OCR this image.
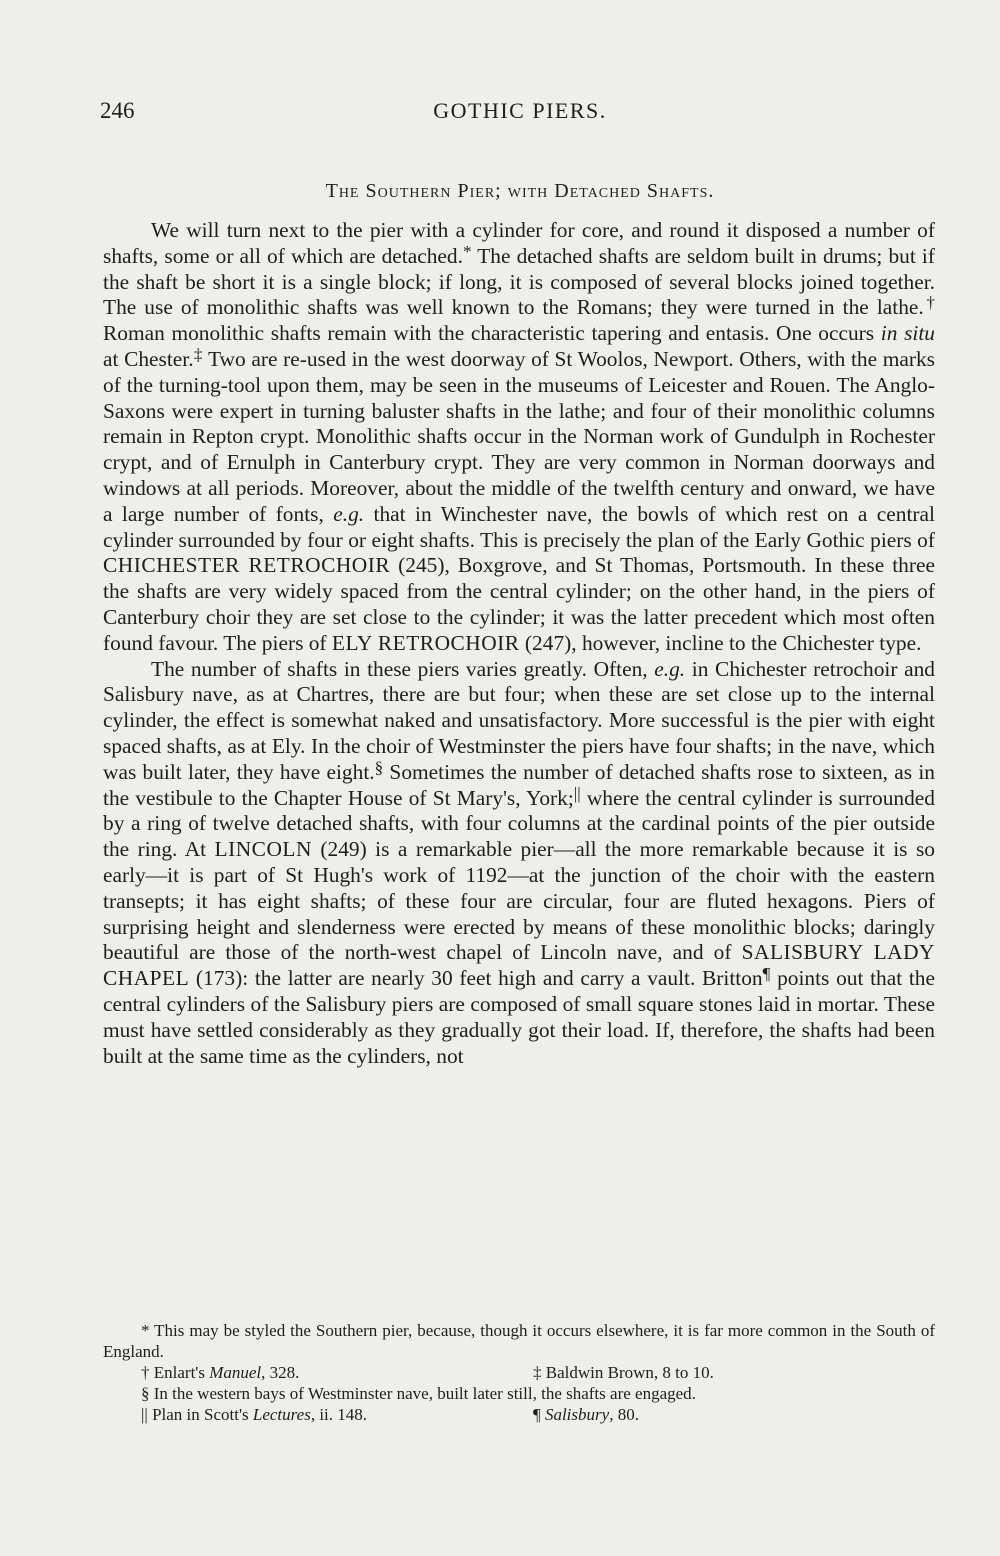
246	GOTHIC PIERS.
The Southern Pier; with Detached Shafts.

We will turn next to the pier with a cylinder for core, and round it disposed a number of shafts, some or all of which are detached.* The detached shafts are seldom built in drums; but if the shaft be short it is a single block; if long, it is composed of several blocks joined together. The use of monolithic shafts was well known to the Romans; they were turned in the lathe.† Roman monolithic shafts remain with the characteristic tapering and entasis. One occurs in situ at Chester.‡ Two are re-used in the west doorway of St Woolos, Newport. Others, with the marks of the turning-tool upon them, may be seen in the museums of Leicester and Rouen. The Anglo-Saxons were expert in turning baluster shafts in the lathe; and four of their monolithic columns remain in Repton crypt. Monolithic shafts occur in the Norman work of Gundulph in Rochester crypt, and of Ernulph in Canterbury crypt. They are very common in Norman doorways and windows at all periods. Moreover, about the middle of the twelfth century and onward, we have a large number of fonts, e.g. that in Winchester nave, the bowls of which rest on a central cylinder surrounded by four or eight shafts. This is precisely the plan of the Early Gothic piers of CHICHESTER RETROCHOIR (245), Boxgrove, and St Thomas, Portsmouth. In these three the shafts are very widely spaced from the central cylinder; on the other hand, in the piers of Canterbury choir they are set close to the cylinder; it was the latter precedent which most often found favour. The piers of ELY RETROCHOIR (247), however, incline to the Chichester type.

The number of shafts in these piers varies greatly. Often, e.g. in Chichester retrochoir and Salisbury nave, as at Chartres, there are but four; when these are set close up to the internal cylinder, the effect is somewhat naked and unsatisfactory. More successful is the pier with eight spaced shafts, as at Ely. In the choir of Westminster the piers have four shafts; in the nave, which was built later, they have eight.§ Sometimes the number of detached shafts rose to sixteen, as in the vestibule to the Chapter House of St Mary's, York;|| where the central cylinder is surrounded by a ring of twelve detached shafts, with four columns at the cardinal points of the pier outside the ring. At LINCOLN (249) is a remarkable pier—all the more remarkable because it is so early—it is part of St Hugh's work of 1192—at the junction of the choir with the eastern transepts; it has eight shafts; of these four are circular, four are fluted hexagons. Piers of surprising height and slenderness were erected by means of these monolithic blocks; daringly beautiful are those of the north-west chapel of Lincoln nave, and of SALISBURY LADY CHAPEL (173): the latter are nearly 30 feet high and carry a vault. Britton¶ points out that the central cylinders of the Salisbury piers are composed of small square stones laid in mortar. These must have settled considerably as they gradually got their load. If, therefore, the shafts had been built at the same time as the cylinders, not

* This may be styled the Southern pier, because, though it occurs elsewhere, it is far more common in the South of England.
† Enlart's Manuel, 328.	‡ Baldwin Brown, 8 to 10.
§ In the western bays of Westminster nave, built later still, the shafts are engaged.
|| Plan in Scott's Lectures, ii. 148.	¶ Salisbury, 80.
